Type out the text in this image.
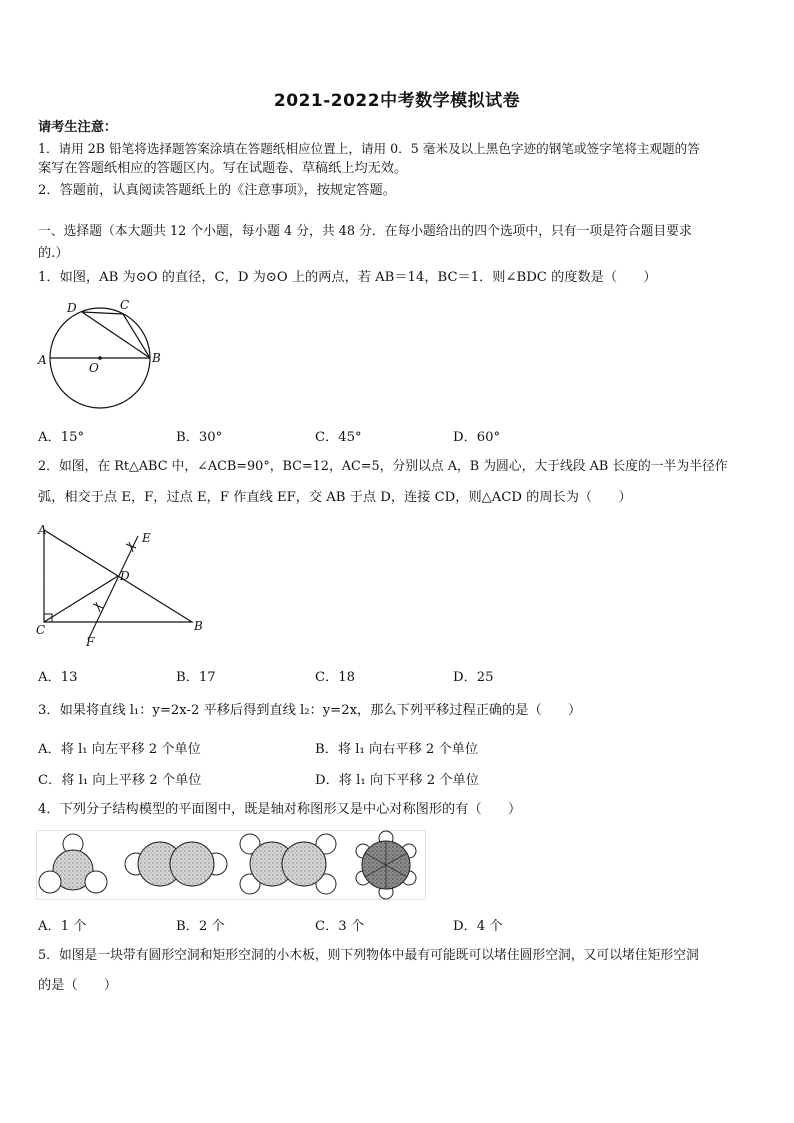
2021-2022中考数学模拟试卷
请考生注意：
1．请用 2B 铅笔将选择题答案涂填在答题纸相应位置上，请用 0．5 毫米及以上黑色字迹的钢笔或签字笔将主观题的答
案写在答题纸相应的答题区内。写在试题卷、草稿纸上均无效。
2．答题前，认真阅读答题纸上的《注意事项》，按规定答题。
一、选择题（本大题共 12 个小题，每小题 4 分，共 48 分．在每小题给出的四个选项中，只有一项是符合题目要求
的.）
1．如图，AB 为⊙O 的直径，C，D 为⊙O 上的两点，若 AB＝14，BC＝1．则∠BDC 的度数是（　　）
D	C
A
O
B
A．15°	B．30°	C．45°	D．60°
2．如图，在 Rt△ABC 中，∠ACB=90°，BC=12，AC=5，分别以点 A，B 为圆心，大于线段 AB 长度的一半为半径作
弧，相交于点 E，F，过点 E，F 作直线 EF，交 AB 于点 D，连接 CD，则△ACD 的周长为（　　）
A
E
D
C
F
B
A．13	B．17	C．18	D．25
3．如果将直线 l₁：y=2x-2 平移后得到直线 l₂：y=2x，那么下列平移过程正确的是（　　）
A．将 l₁ 向左平移 2 个单位	B．将 l₁ 向右平移 2 个单位
C．将 l₁ 向上平移 2 个单位	D．将 l₁ 向下平移 2 个单位
4．下列分子结构模型的平面图中，既是轴对称图形又是中心对称图形的有（　　）
A．1 个	B．2 个	C．3 个	D．4 个
5．如图是一块带有圆形空洞和矩形空洞的小木板，则下列物体中最有可能既可以堵住圆形空洞，又可以堵住矩形空洞
的是（　　）
